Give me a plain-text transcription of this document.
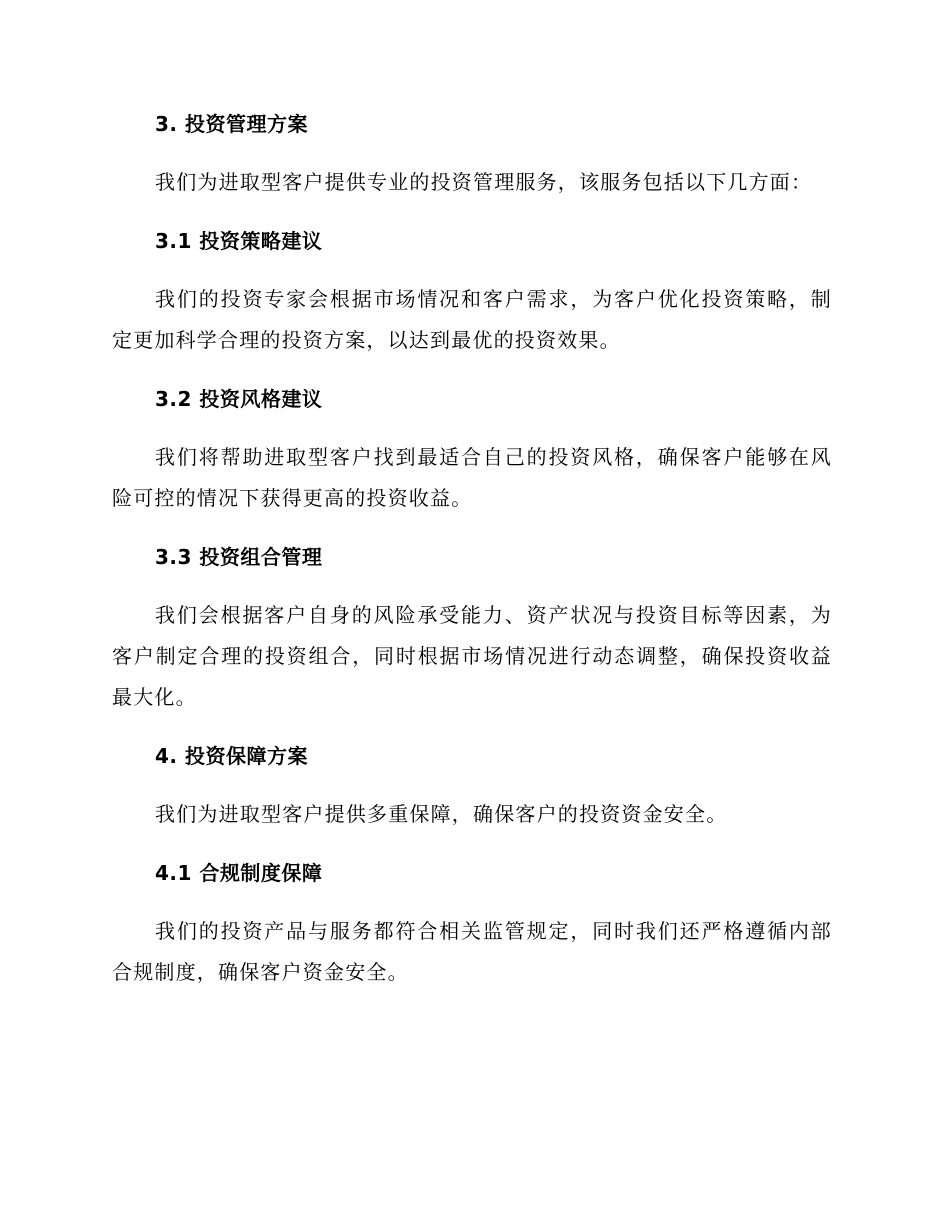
3. 投资管理方案
我们为进取型客户提供专业的投资管理服务，该服务包括以下几方面：
3.1 投资策略建议
我们的投资专家会根据市场情况和客户需求，为客户优化投资策略，制定更加科学合理的投资方案，以达到最优的投资效果。
3.2 投资风格建议
我们将帮助进取型客户找到最适合自己的投资风格，确保客户能够在风险可控的情况下获得更高的投资收益。
3.3 投资组合管理
我们会根据客户自身的风险承受能力、资产状况与投资目标等因素，为客户制定合理的投资组合，同时根据市场情况进行动态调整，确保投资收益最大化。
4. 投资保障方案
我们为进取型客户提供多重保障，确保客户的投资资金安全。
4.1 合规制度保障
我们的投资产品与服务都符合相关监管规定，同时我们还严格遵循内部合规制度，确保客户资金安全。
